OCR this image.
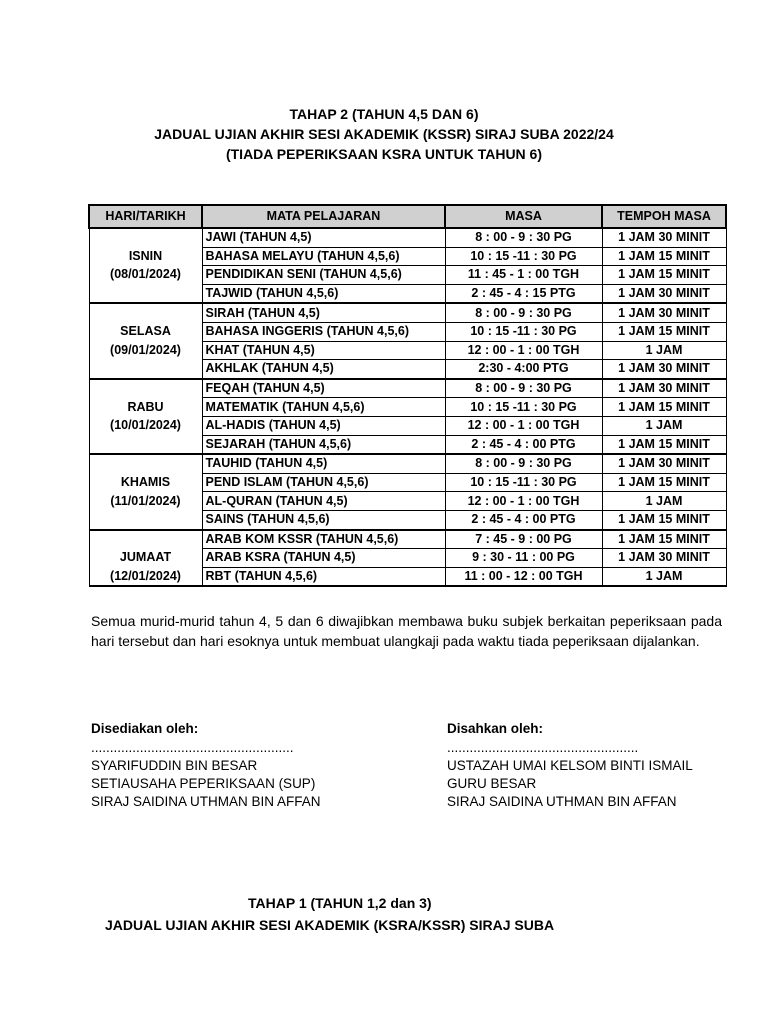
TAHAP 2 (TAHUN 4,5 DAN 6)
JADUAL UJIAN AKHIR SESI AKADEMIK (KSSR) SIRAJ SUBA 2022/24
(TIADA PEPERIKSAAN KSRA UNTUK TAHUN 6)
HARI/TARIKH	MATA PELAJARAN	MASA	TEMPOH MASA
	JAWI (TAHUN 4,5)	8 : 00 - 9 : 30 PG	1 JAM 30 MINIT
ISNIN	BAHASA MELAYU (TAHUN 4,5,6)	10 : 15 -11 : 30 PG	1 JAM 15 MINIT
(08/01/2024)	PENDIDIKAN SENI (TAHUN 4,5,6)	11 : 45 - 1 : 00 TGH	1 JAM 15 MINIT
	TAJWID (TAHUN 4,5,6)	2 : 45 - 4 : 15 PTG	1 JAM 30 MINIT
	SIRAH (TAHUN 4,5)	8 : 00 - 9 : 30 PG	1 JAM 30 MINIT
SELASA	BAHASA INGGERIS (TAHUN 4,5,6)	10 : 15 -11 : 30 PG	1 JAM 15 MINIT
(09/01/2024)	KHAT (TAHUN 4,5)	12 : 00 - 1 : 00 TGH	1 JAM
	AKHLAK (TAHUN 4,5)	2:30 - 4:00 PTG	1 JAM 30 MINIT
	FEQAH (TAHUN 4,5)	8 : 00 - 9 : 30 PG	1 JAM 30 MINIT
RABU	MATEMATIK (TAHUN 4,5,6)	10 : 15 -11 : 30 PG	1 JAM 15 MINIT
(10/01/2024)	AL-HADIS (TAHUN 4,5)	12 : 00 - 1 : 00 TGH	1 JAM
	SEJARAH (TAHUN 4,5,6)	2 : 45 - 4 : 00 PTG	1 JAM 15 MINIT
	TAUHID (TAHUN 4,5)	8 : 00 - 9 : 30 PG	1 JAM 30 MINIT
KHAMIS	PEND ISLAM (TAHUN 4,5,6)	10 : 15 -11 : 30 PG	1 JAM 15 MINIT
(11/01/2024)	AL-QURAN (TAHUN 4,5)	12 : 00 - 1 : 00 TGH	1 JAM
	SAINS (TAHUN 4,5,6)	2 : 45 - 4 : 00 PTG	1 JAM 15 MINIT
	ARAB KOM KSSR (TAHUN 4,5,6)	7 : 45 - 9 : 00 PG	1 JAM 15 MINIT
JUMAAT	ARAB KSRA (TAHUN 4,5)	9 : 30 - 11 : 00 PG	1 JAM 30 MINIT
(12/01/2024)	RBT (TAHUN 4,5,6)	11 : 00 - 12 : 00 TGH	1 JAM
Semua murid-murid tahun 4, 5 dan 6 diwajibkan membawa buku subjek berkaitan peperiksaan pada hari tersebut dan hari esoknya untuk membuat ulangkaji pada waktu tiada peperiksaan dijalankan.
Disediakan oleh:
......................................................
SYARIFUDDIN BIN BESAR
SETIAUSAHA PEPERIKSAAN (SUP)
SIRAJ SAIDINA UTHMAN BIN AFFAN
Disahkan oleh:
...................................................
USTAZAH UMAI KELSOM BINTI ISMAIL
GURU BESAR
SIRAJ SAIDINA UTHMAN BIN AFFAN
TAHAP 1 (TAHUN 1,2 dan 3)
JADUAL UJIAN AKHIR SESI AKADEMIK (KSRA/KSSR) SIRAJ SUBA
